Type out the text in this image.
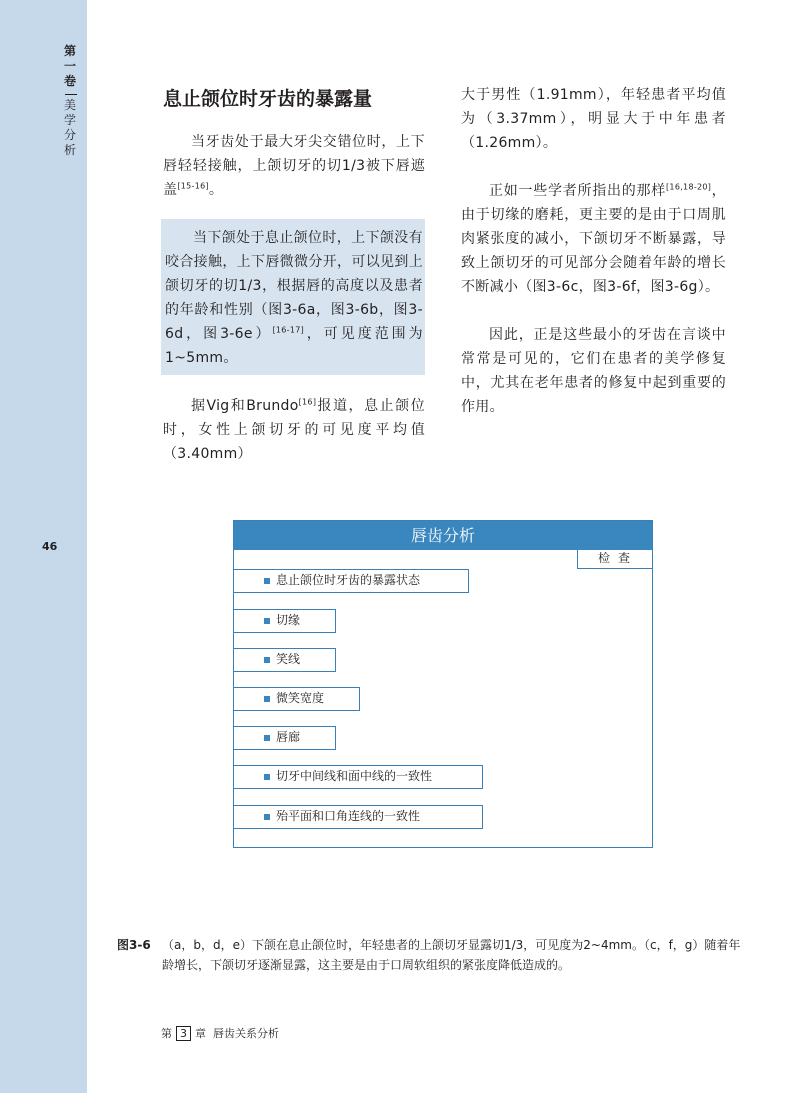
第一卷
美学分析
46
息止颌位时牙齿的暴露量

当牙齿处于最大牙尖交错位时，上下唇轻轻接触，上颌切牙的切1/3被下唇遮盖[15-16]。

当下颌处于息止颌位时，上下颌没有咬合接触，上下唇微微分开，可以见到上颌切牙的切1/3，根据唇的高度以及患者的年龄和性别（图3-6a，图3-6b，图3-6d，图3-6e）[16-17]，可见度范围为1~5mm。

据Vig和Brundo[16]报道，息止颌位时，女性上颌切牙的可见度平均值（3.40mm）

大于男性（1.91mm），年轻患者平均值为（3.37mm），明显大于中年患者（1.26mm）。

正如一些学者所指出的那样[16,18-20]，由于切缘的磨耗，更主要的是由于口周肌肉紧张度的减小，下颌切牙不断暴露，导致上颌切牙的可见部分会随着年龄的增长不断减小（图3-6c，图3-6f，图3-6g）。

因此，正是这些最小的牙齿在言谈中常常是可见的，它们在患者的美学修复中，尤其在老年患者的修复中起到重要的作用。

唇齿分析
检查
息止颌位时牙齿的暴露状态
切缘
笑线
微笑宽度
唇廊
切牙中间线和面中线的一致性
殆平面和口角连线的一致性
图3-6 （a，b，d，e）下颌在息止颌位时，年轻患者的上颌切牙显露切1/3，可见度为2~4mm。（c，f，g）随着年龄增长，下颌切牙逐渐显露，这主要是由于口周软组织的紧张度降低造成的。
第 3 章 唇齿关系分析
